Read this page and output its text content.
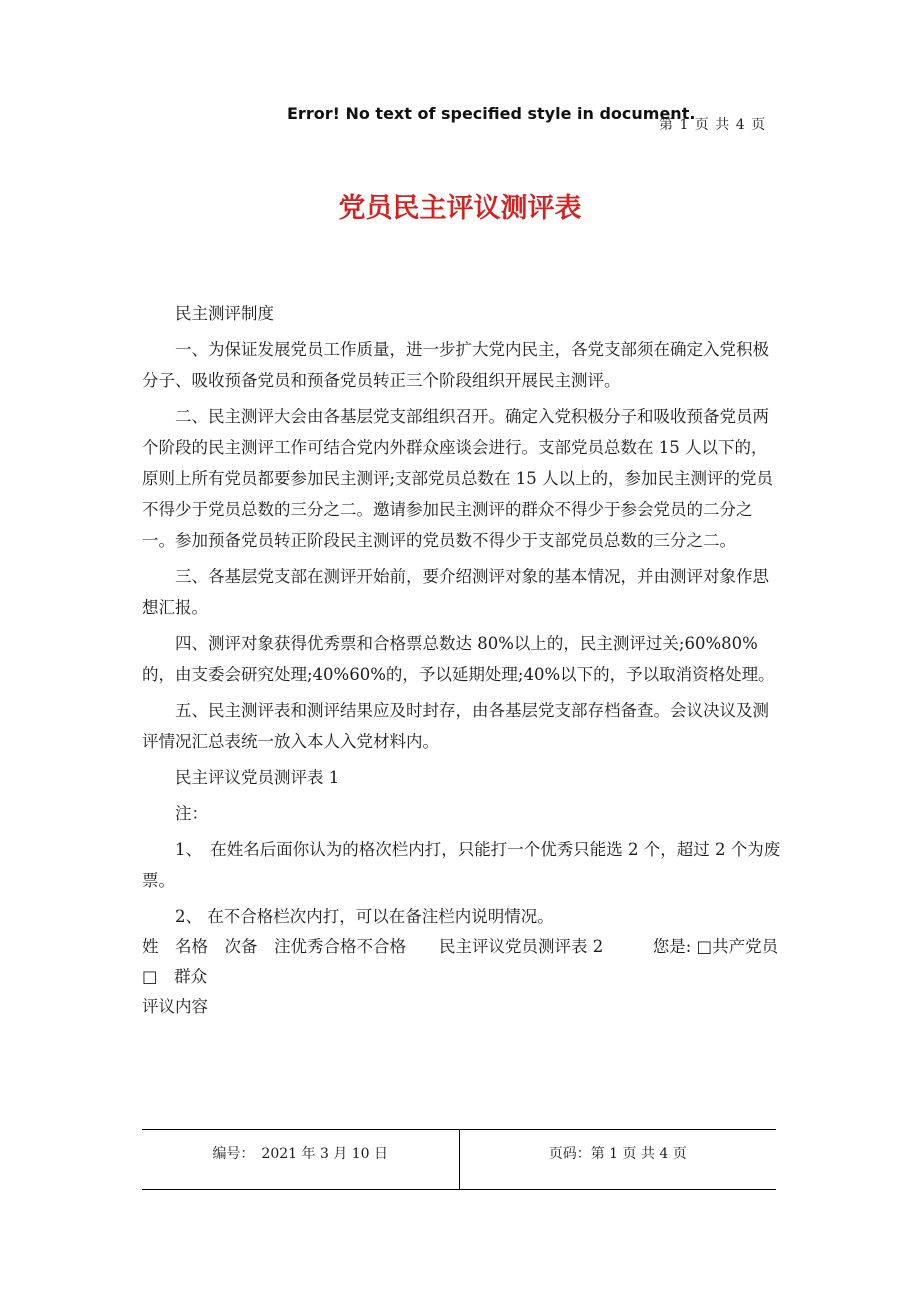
Error! No text of specified style in document.
第 1 页 共 4 页
党员民主评议测评表

民主测评制度

一、为保证发展党员工作质量，进一步扩大党内民主，各党支部须在确定入党积极分子、吸收预备党员和预备党员转正三个阶段组织开展民主测评。

二、民主测评大会由各基层党支部组织召开。确定入党积极分子和吸收预备党员两个阶段的民主测评工作可结合党内外群众座谈会进行。支部党员总数在 15 人以下的，原则上所有党员都要参加民主测评;支部党员总数在 15 人以上的，参加民主测评的党员不得少于党员总数的三分之二。邀请参加民主测评的群众不得少于参会党员的二分之一。参加预备党员转正阶段民主测评的党员数不得少于支部党员总数的三分之二。

三、各基层党支部在测评开始前，要介绍测评对象的基本情况，并由测评对象作思想汇报。

四、测评对象获得优秀票和合格票总数达 80%以上的，民主测评过关;60%80%的，由支委会研究处理;40%60%的，予以延期处理;40%以下的，予以取消资格处理。

五、民主测评表和测评结果应及时封存，由各基层党支部存档备查。会议决议及测评情况汇总表统一放入本人入党材料内。

民主评议党员测评表 1

注：

1、　在姓名后面你认为的格次栏内打，只能打一个优秀只能选 2 个，超过 2 个为废票。

2、 在不合格栏次内打，可以在备注栏内说明情况。

姓　名格　次备　注优秀合格不合格　　民主评议党员测评表 2　　　您是: □共产党员　□　群众

评议内容

编号：　2021 年 3 月 10 日	页码：第 1 页 共 4 页
